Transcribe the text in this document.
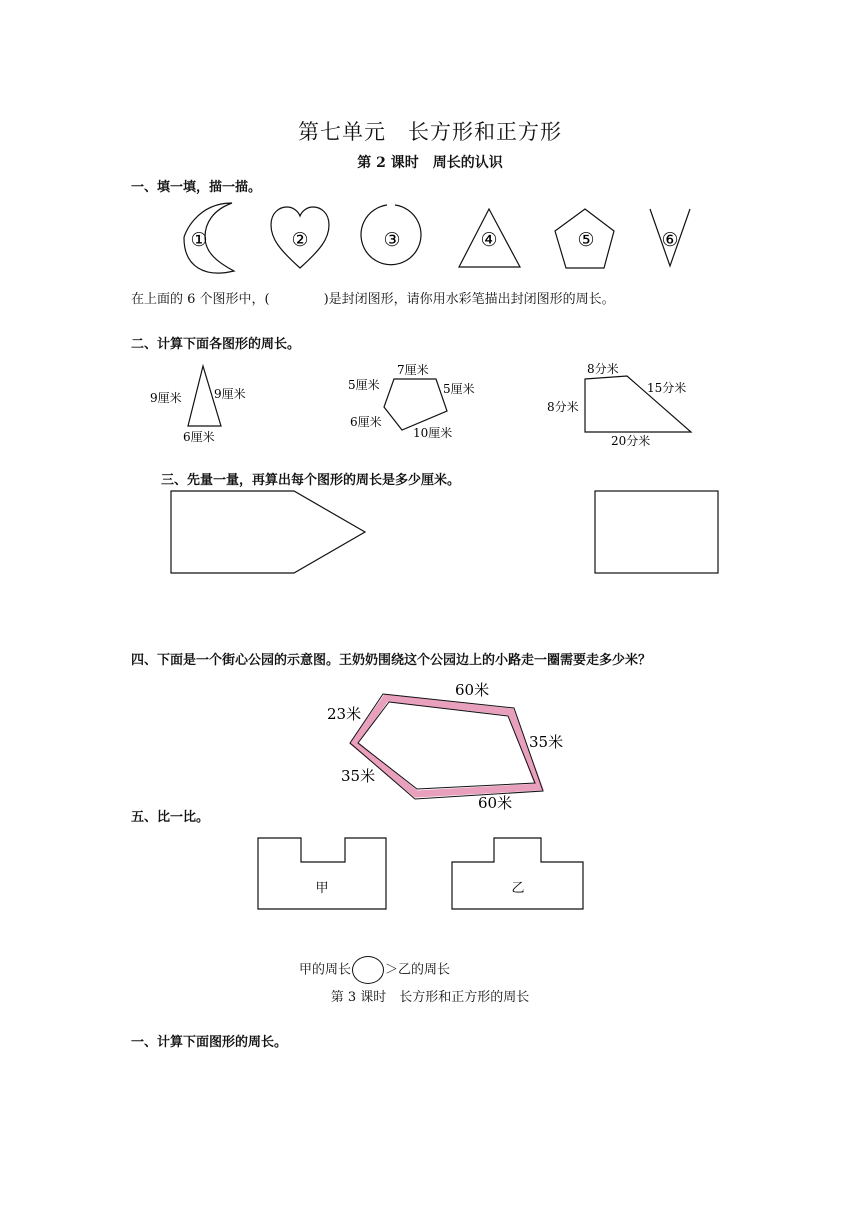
第七单元　长方形和正方形
第 2 课时　周长的认识
一、填一填，描一描。
①	②	③	④	⑤	⑥
在上面的 6 个图形中，(	)是封闭图形，请你用水彩笔描出封闭图形的周长。
二、计算下面各图形的周长。
9厘米	9厘米
6厘米
7厘米
5厘米	5厘米
6厘米
10厘米
8分米
15分米
8分米
20分米
三、先量一量，再算出每个图形的周长是多少厘米。
四、下面是一个街心公园的示意图。王奶奶围绕这个公园边上的小路走一圈需要走多少米？
60米
23米
35米
35米
60米
五、比一比。
甲	乙
甲的周长	＞乙的周长
第 3 课时　长方形和正方形的周长
一、计算下面图形的周长。
